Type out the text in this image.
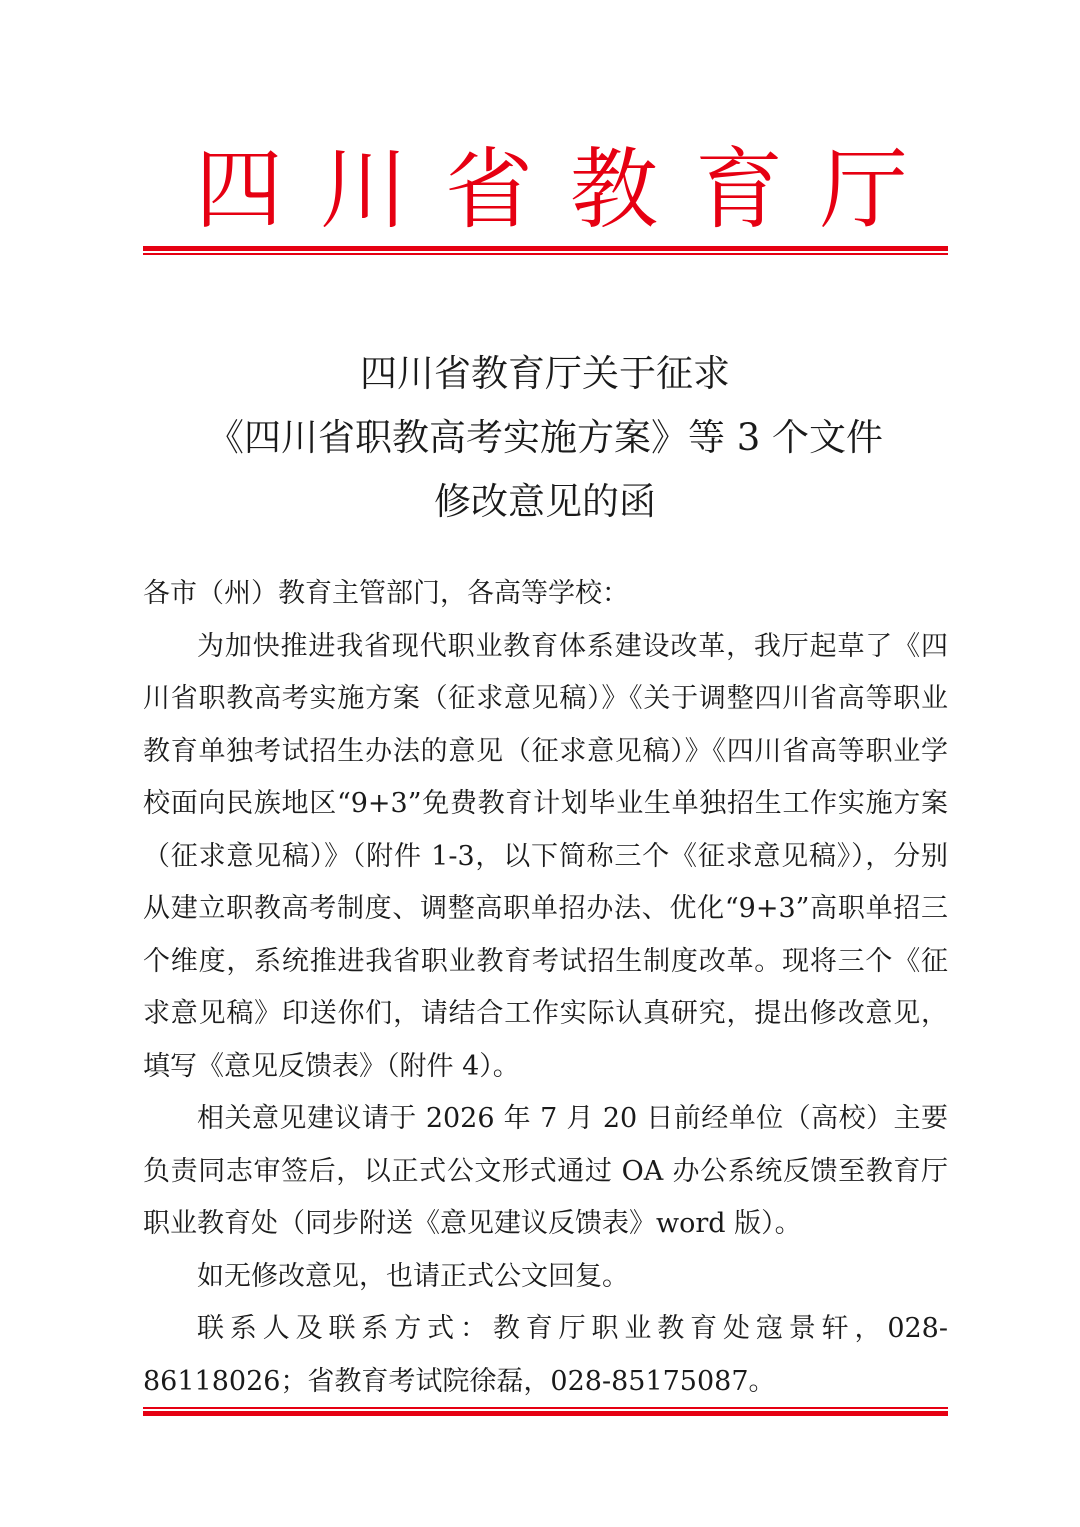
四 川 省 教 育 厅
四川省教育厅关于征求
《四川省职教高考实施方案》等 3 个文件
修改意见的函

各市（州）教育主管部门，各高等学校：

为加快推进我省现代职业教育体系建设改革，我厅起草了《四川省职教高考实施方案（征求意见稿）》《关于调整四川省高等职业教育单独考试招生办法的意见（征求意见稿）》《四川省高等职业学校面向民族地区“9+3”免费教育计划毕业生单独招生工作实施方案（征求意见稿）》（附件 1-3，以下简称三个《征求意见稿》），分别从建立职教高考制度、调整高职单招办法、优化“9+3”高职单招三个维度，系统推进我省职业教育考试招生制度改革。现将三个《征求意见稿》印送你们，请结合工作实际认真研究，提出修改意见，填写《意见反馈表》（附件 4）。

相关意见建议请于 2026 年 7 月 20 日前经单位（高校）主要负责同志审签后，以正式公文形式通过 OA 办公系统反馈至教育厅职业教育处（同步附送《意见建议反馈表》word 版）。

如无修改意见，也请正式公文回复。

联系人及联系方式：教育厅职业教育处寇景轩，028-86118026；省教育考试院徐磊，028-85175087。
